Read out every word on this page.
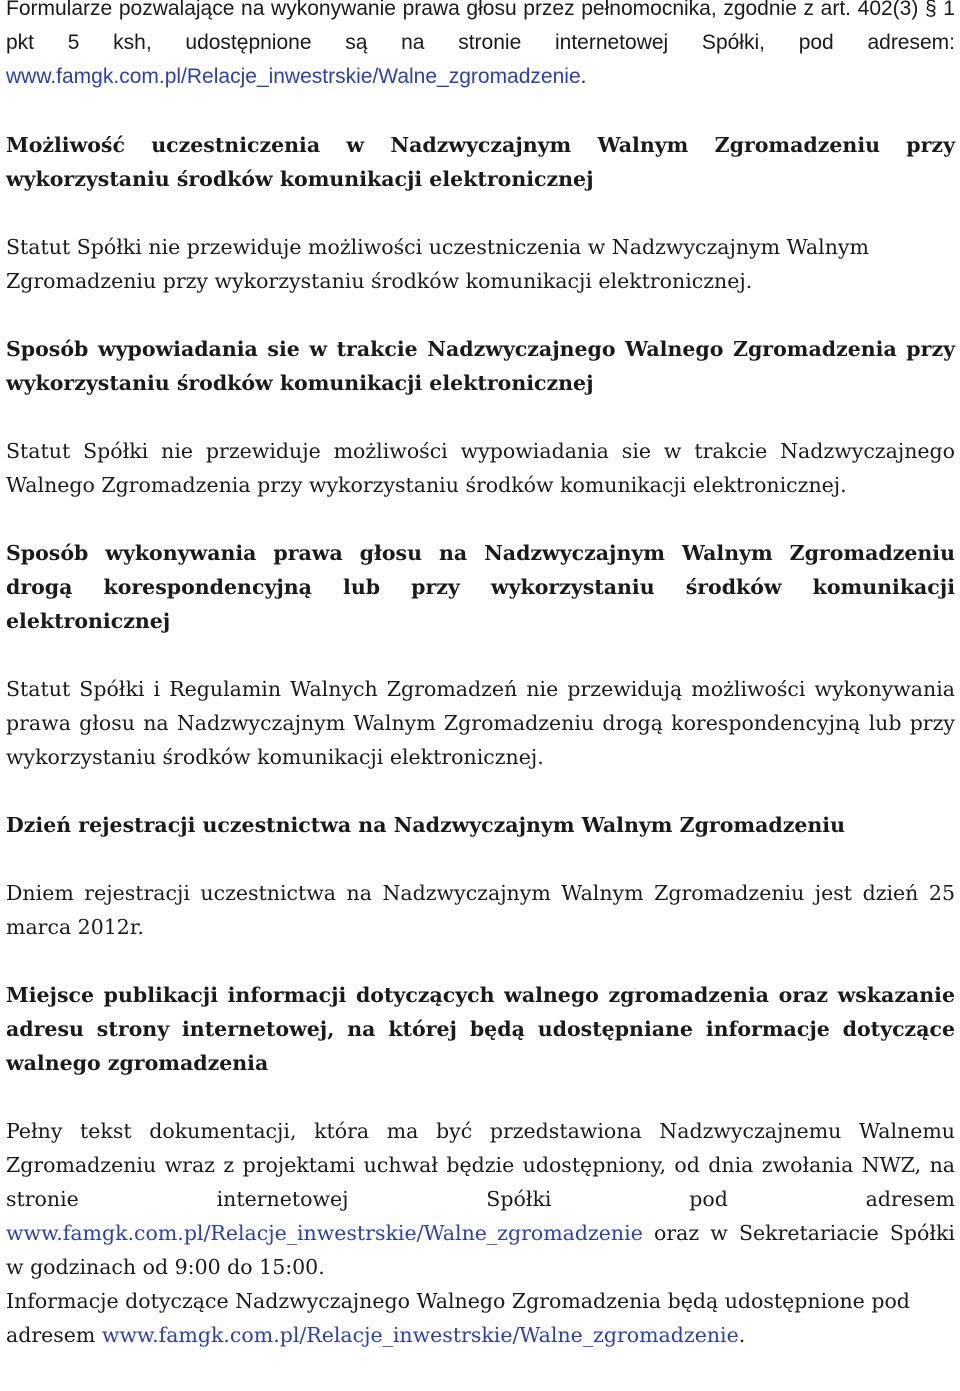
Formularze pozwalające na wykonywanie prawa głosu przez pełnomocnika, zgodnie z art. 402(3) § 1 pkt 5 ksh, udostępnione są na stronie internetowej Spółki, pod adresem: www.famgk.com.pl/Relacje_inwestrskie/Walne_zgromadzenie.

Możliwość uczestniczenia w Nadzwyczajnym Walnym Zgromadzeniu przy wykorzystaniu środków komunikacji elektronicznej

Statut Spółki nie przewiduje możliwości uczestniczenia w Nadzwyczajnym Walnym Zgromadzeniu przy wykorzystaniu środków komunikacji elektronicznej.

Sposób wypowiadania sie w trakcie Nadzwyczajnego Walnego Zgromadzenia przy wykorzystaniu środków komunikacji elektronicznej

Statut Spółki nie przewiduje możliwości wypowiadania sie w trakcie Nadzwyczajnego Walnego Zgromadzenia przy wykorzystaniu środków komunikacji elektronicznej.

Sposób wykonywania prawa głosu na Nadzwyczajnym Walnym Zgromadzeniu drogą korespondencyjną lub przy wykorzystaniu środków komunikacji elektronicznej

Statut Spółki i Regulamin Walnych Zgromadzeń nie przewidują możliwości wykonywania prawa głosu na Nadzwyczajnym Walnym Zgromadzeniu drogą korespondencyjną lub przy wykorzystaniu środków komunikacji elektronicznej.

Dzień rejestracji uczestnictwa na Nadzwyczajnym Walnym Zgromadzeniu

Dniem rejestracji uczestnictwa na Nadzwyczajnym Walnym Zgromadzeniu jest dzień 25 marca 2012r.

Miejsce publikacji informacji dotyczących walnego zgromadzenia oraz wskazanie adresu strony internetowej, na której będą udostępniane informacje dotyczące walnego zgromadzenia

Pełny tekst dokumentacji, która ma być przedstawiona Nadzwyczajnemu Walnemu Zgromadzeniu wraz z projektami uchwał będzie udostępniony, od dnia zwołania NWZ, na stronie internetowej Spółki pod adresem www.famgk.com.pl/Relacje_inwestrskie/Walne_zgromadzenie oraz w Sekretariacie Spółki w godzinach od 9:00 do 15:00.

Informacje dotyczące Nadzwyczajnego Walnego Zgromadzenia będą udostępnione pod adresem www.famgk.com.pl/Relacje_inwestrskie/Walne_zgromadzenie.
